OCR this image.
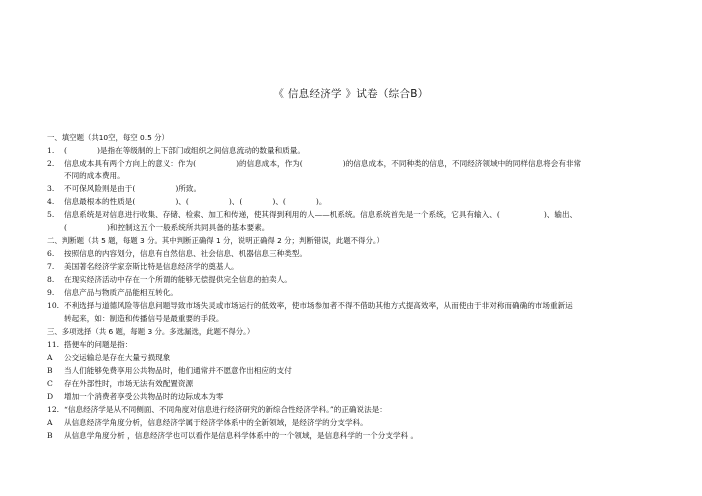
《 信息经济学 》试卷（综合B）
一、填空题（共10空，每空 0.5 分）
1. (	)是指在等级制的上下部门或组织之间信息流动的数量和质量。
2. 信息成本具有两个方向上的意义：作为(	)的信息成本，作为(	)的信息成本，不同种类的信息，不同经济领域中的同样信息将会有非常
不同的成本费用。
3. 不可保风险则是由于(	)所致。
4. 信息最根本的性质是(	)、(	)、(	)、(	)。
5. 信息系统是对信息进行收集、存储、检索、加工和传递，使其得到利用的人——机系统。信息系统首先是一个系统，它具有输入、(	)、输出、
(	)和控制这五个一般系统所共同具备的基本要素。
二、判断题（共 5 题，每题 3 分。其中判断正确得 1 分，说明正确得 2 分；判断错误，此题不得分。）
6. 按照信息的内容划分，信息有自然信息、社会信息、机器信息三种类型。
7. 美国著名经济学家奈斯比特是信息经济学的奠基人。
8. 在现实经济活动中存在一个所谓的能够无偿提供完全信息的拍卖人。
9. 信息产品与物质产品能相互转化。
10. 不利选择与道德风险等信息问题导致市场失灵或市场运行的低效率，使市场参加者不得不借助其他方式提高效率，从而使由于非对称而确确的市场重新运
转起来，如：制造和传播信号是最重要的手段。
三、多项选择（共 6 题，每题 3 分。多选漏选，此题不得分。）
11. 搭便车的问题是指：
A 公交运输总是存在大量亏损现象
B 当人们能够免费享用公共物品时，他们通常并不愿意作出相应的支付
C 存在外部性时，市场无法有效配置资源
D 增加一个消费者享受公共物品时的边际成本为零
12. “信息经济学是从不同侧面、不同角度对信息进行经济研究的新综合性经济学科。”的正确说法是：
A 从信息经济学角度分析，信息经济学属于经济学体系中的全新领域，是经济学的分支学科。
B 从信息学角度分析 ，信息经济学也可以看作是信息科学体系中的一个领域，是信息科学的一个分支学科 。
